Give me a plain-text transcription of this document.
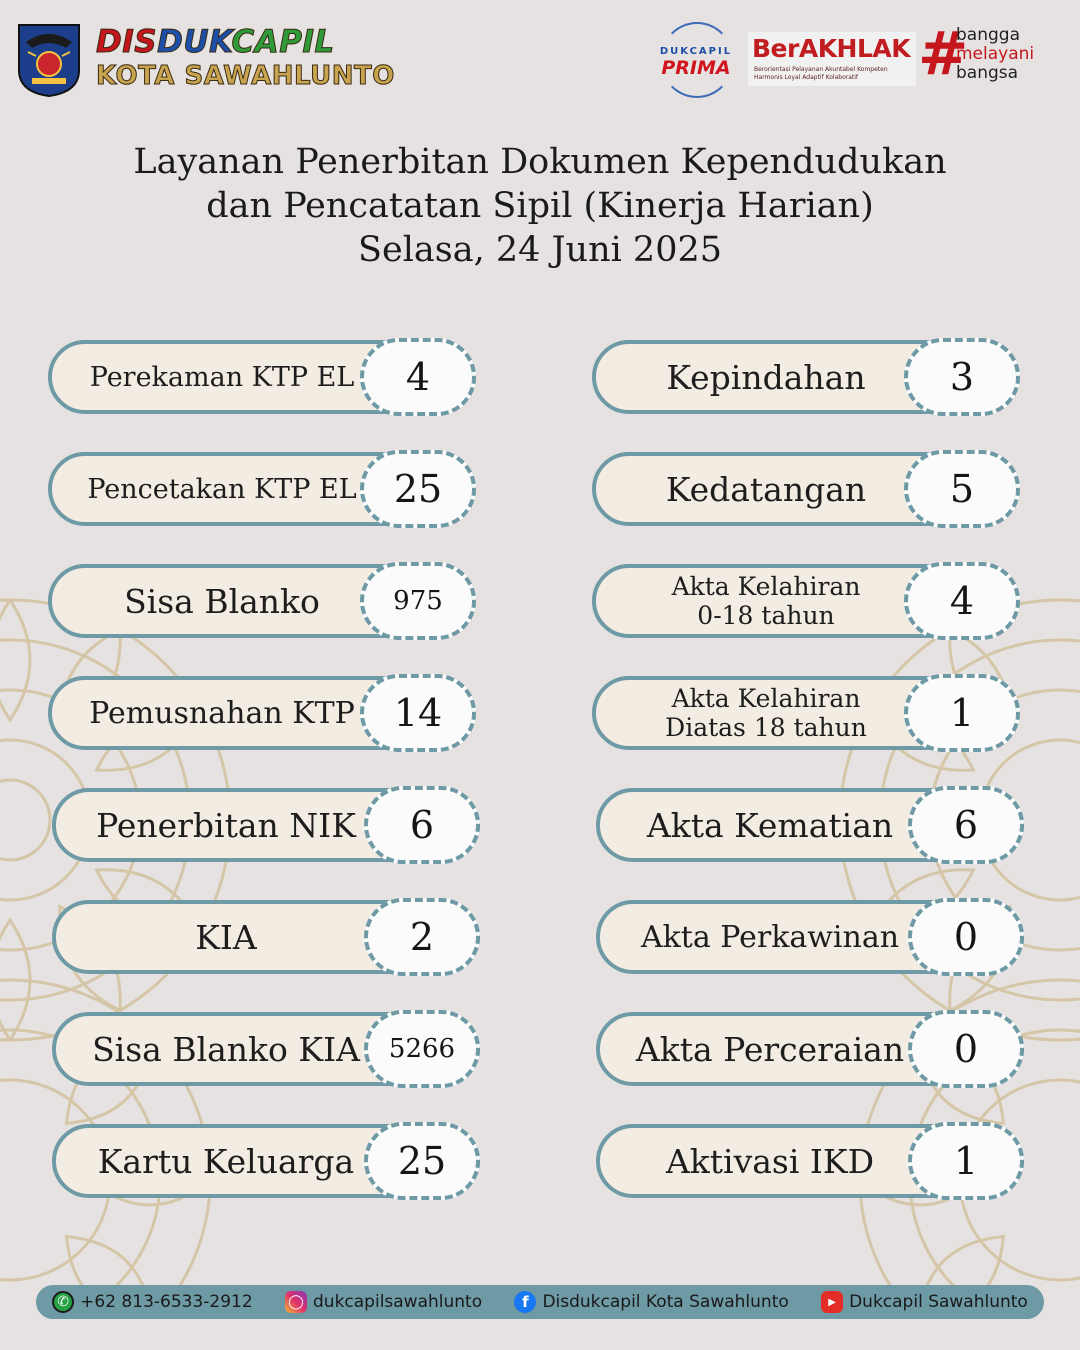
DISDUKCAPIL
KOTA SAWAHLUNTO
DUKCAPIL
PRIMA
BerAKHLAK
Berorientasi Pelayanan Akuntabel Kompeten Harmonis Loyal Adaptif Kolaboratif #
bangga
melayani
bangsa
Layanan Penerbitan Dokumen Kependudukan
dan Pencatatan Sipil (Kinerja Harian)
Selasa, 24 Juni 2025
Perekaman KTP EL	4
Pencetakan KTP EL 25
Sisa Blanko	975
Pemusnahan KTP	14
Penerbitan NIK	6
KIA	2
Sisa Blanko KIA	5266
Kartu Keluarga	25
Kepindahan	3
Kedatangan	5
Akta Kelahiran
0-18 tahun	4
Akta Kelahiran
Diatas 18 tahun	1
Akta Kematian	6
Akta Perkawinan	0
Akta Perceraian	0
Aktivasi IKD	1
✆ +62 813-6533-2912	◯ dukcapilsawahlunto	f Disdukcapil Kota Sawahlunto	▶ Dukcapil Sawahlunto
